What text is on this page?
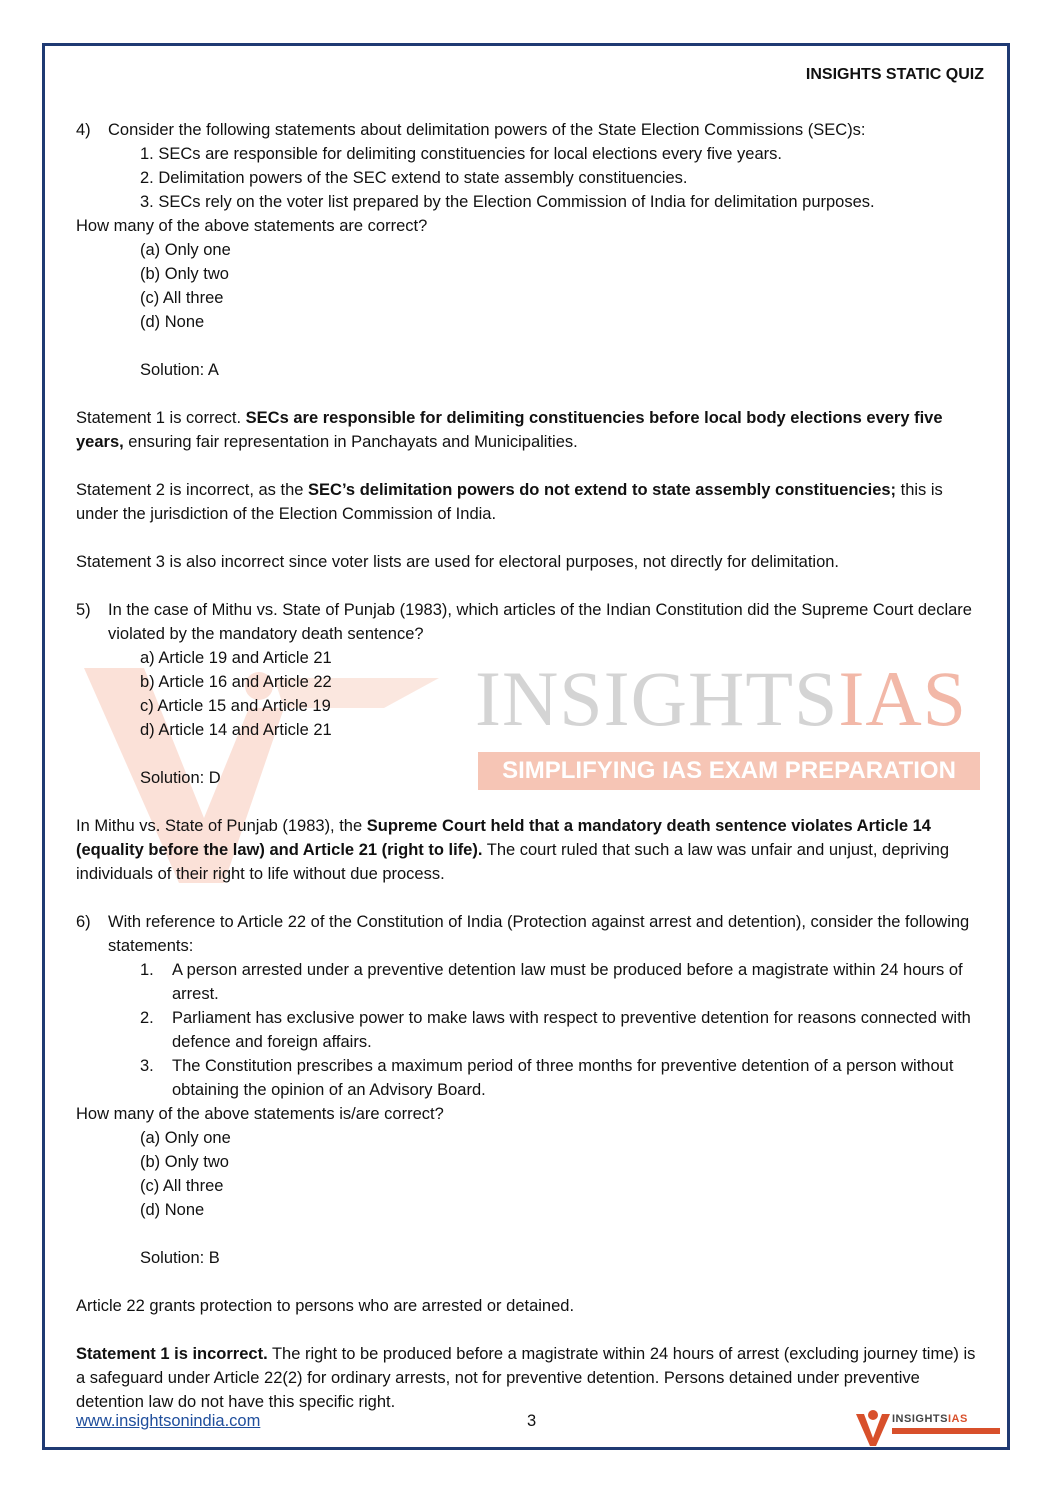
INSIGHTS STATIC QUIZ
INSIGHTSIAS
SIMPLIFYING IAS EXAM PREPARATION
4)	Consider the following statements about delimitation powers of the State Election Commissions (SEC)s:

1. SECs are responsible for delimiting constituencies for local elections every five years.

2. Delimitation powers of the SEC extend to state assembly constituencies.

3. SECs rely on the voter list prepared by the Election Commission of India for delimitation purposes.

How many of the above statements are correct?

(a) Only one

(b) Only two

(c) All three

(d) None

Solution: A

Statement 1 is correct. SECs are responsible for delimiting constituencies before local body elections every five years, ensuring fair representation in Panchayats and Municipalities.

Statement 2 is incorrect, as the SEC’s delimitation powers do not extend to state assembly constituencies; this is under the jurisdiction of the Election Commission of India.

Statement 3 is also incorrect since voter lists are used for electoral purposes, not directly for delimitation.

5)	In the case of Mithu vs. State of Punjab (1983), which articles of the Indian Constitution did the Supreme Court declare violated by the mandatory death sentence?

a) Article 19 and Article 21

b) Article 16 and Article 22

c) Article 15 and Article 19

d) Article 14 and Article 21

Solution: D

In Mithu vs. State of Punjab (1983), the Supreme Court held that a mandatory death sentence violates Article 14 (equality before the law) and Article 21 (right to life). The court ruled that such a law was unfair and unjust, depriving individuals of their right to life without due process.

6)	With reference to Article 22 of the Constitution of India (Protection against arrest and detention), consider the following statements:
1.	A person arrested under a preventive detention law must be produced before a magistrate within 24 hours of arrest.
2.	Parliament has exclusive power to make laws with respect to preventive detention for reasons connected with defence and foreign affairs.
3.	The Constitution prescribes a maximum period of three months for preventive detention of a person without obtaining the opinion of an Advisory Board.

How many of the above statements is/are correct?

(a) Only one

(b) Only two

(c) All three

(d) None

Solution: B

Article 22 grants protection to persons who are arrested or detained.

Statement 1 is incorrect. The right to be produced before a magistrate within 24 hours of arrest (excluding journey time) is a safeguard under Article 22(2) for ordinary arrests, not for preventive detention. Persons detained under preventive detention law do not have this specific right.

www.insightsonindia.com	3	INSIGHTSIAS
